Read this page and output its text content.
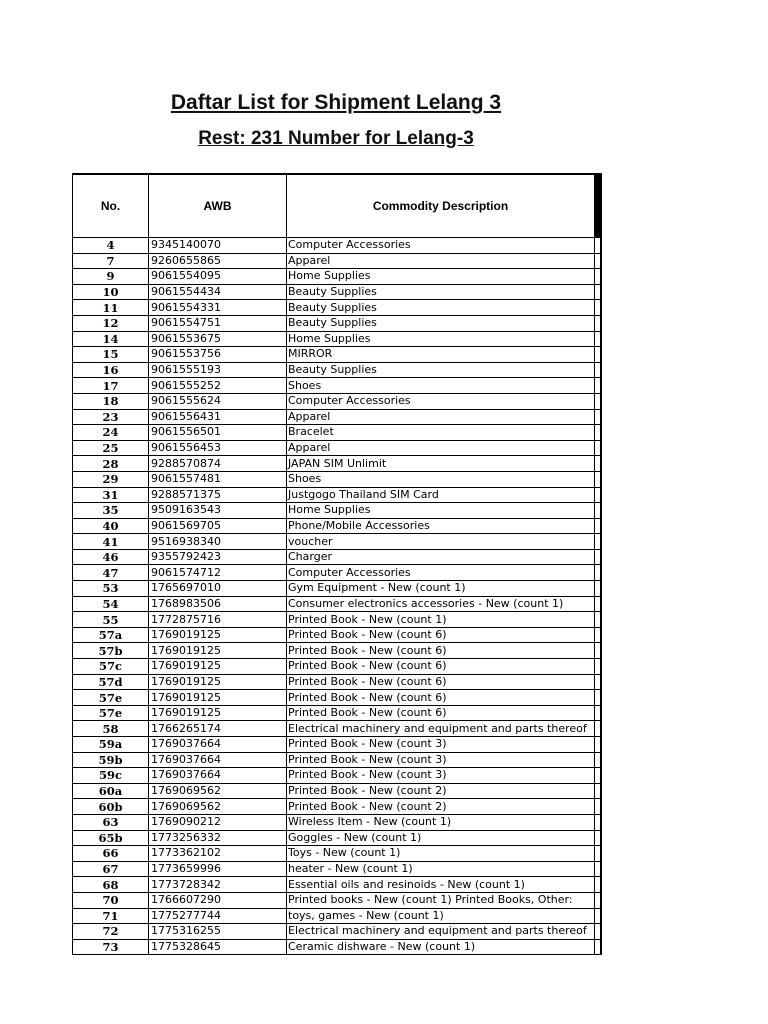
Daftar List for Shipment Lelang 3
Rest: 231 Number for Lelang-3
No.	AWB	Commodity Description	
4	9345140070	Computer Accessories	
7	9260655865	Apparel	
9	9061554095	Home Supplies	
10	9061554434	Beauty Supplies	
11	9061554331	Beauty Supplies	
12	9061554751	Beauty Supplies	
14	9061553675	Home Supplies	
15	9061553756	MIRROR	
16	9061555193	Beauty Supplies	
17	9061555252	Shoes	
18	9061555624	Computer Accessories	
23	9061556431	Apparel	
24	9061556501	Bracelet	
25	9061556453	Apparel	
28	9288570874	JAPAN SIM Unlimit	
29	9061557481	Shoes	
31	9288571375	Justgogo Thailand SIM Card	
35	9509163543	Home Supplies	
40	9061569705	Phone/Mobile Accessories	
41	9516938340	voucher	
46	9355792423	Charger	
47	9061574712	Computer Accessories	
53	1765697010	Gym Equipment - New (count 1)	
54	1768983506	Consumer electronics accessories - New (count 1)	
55	1772875716	Printed Book - New (count 1)	
57a	1769019125	Printed Book - New (count 6)	
57b	1769019125	Printed Book - New (count 6)	
57c	1769019125	Printed Book - New (count 6)	
57d	1769019125	Printed Book - New (count 6)	
57e	1769019125	Printed Book - New (count 6)	
57e	1769019125	Printed Book - New (count 6)	
58	1766265174	Electrical machinery and equipment and parts thereof	
59a	1769037664	Printed Book - New (count 3)	
59b	1769037664	Printed Book - New (count 3)	
59c	1769037664	Printed Book - New (count 3)	
60a	1769069562	Printed Book - New (count 2)	
60b	1769069562	Printed Book - New (count 2)	
63	1769090212	Wireless Item - New (count 1)	
65b	1773256332	Goggles - New (count 1)	
66	1773362102	Toys - New (count 1)	
67	1773659996	heater - New (count 1)	
68	1773728342	Essential oils and resinoids - New (count 1)	
70	1766607290	Printed books - New (count 1) Printed Books, Other:	
71	1775277744	toys, games - New (count 1)	
72	1775316255	Electrical machinery and equipment and parts thereof	
73	1775328645	Ceramic dishware - New (count 1)	
